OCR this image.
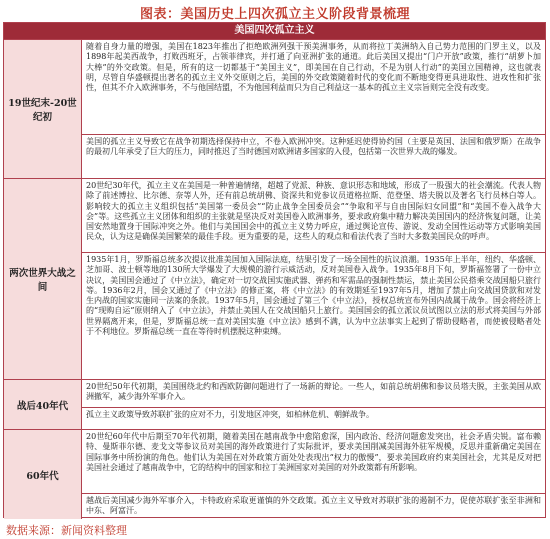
图表：美国历史上四次孤立主义阶段背景梳理
美国四次孤立主义
19世纪末-20世纪初
随着自身力量的增强，美国在1823年推出了拒绝欧洲列强干预美洲事务，从而将拉丁美洲纳入自己势力范围的门罗主义，以及1898年起美西战争，打败西班牙，占领菲律宾，并打通了向亚洲扩张的通道。此后美国又提出“门户开放”政策，推行“胡萝卜加大棒”的外交政策。但是，所有的这一切都基于“美国主义”，即美国在自己行动，不是为别人行动”的美国立国精神，这也就表明，尽管自华盛顿提出著名的孤立主义外交原则之后，美国的外交政策随着时代的变化而不断地变得更具进取性、进攻性和扩张性，但其不介入欧洲事务，不与他国结盟，不为他国利益而只为自己利益这一基本的孤立主义宗旨则完全没有改变。
美国的孤立主义导致它在战争初期选择保持中立，不卷入欧洲冲突。这种延迟使得协约国（主要是英国、法国和俄罗斯）在战争的最初几年承受了巨大的压力，同时推迟了当时德国对欧洲诸多国家的入侵，包括第一次世界大战的爆发。
两次世界大战之间
20世纪30年代，孤立主义在美国是一种普遍情绪，超越了党派、种族、意识形态和地域，形成了一股强大的社会潮流。代表人物除了前述博拉、比尔德、奈等人外，还有前总统胡佛、资深共和党参议员道格拉斯、范登堡、塔夫脱以及著名飞行员林白等人。影响较大的孤立主义组织包括“美国第一委员会”“防止战争全国委员会”“争取和平与自由国际妇女同盟”和“美国不卷入战争大会”等。这些孤立主义团体和组织的主张就是坚决反对美国卷入欧洲事务，要求政府集中精力解决美国国内的经济恢复问题，让美国安然地置身于国际冲突之外。他们与美国国会中的孤立主义势力呼应，通过舆论宣传、游说、发动全国性运动等方式影响美国民众，认为这是确保美国繁荣的最佳手段。更为重要的是，这些人的观点和看法代表了当时大多数美国民众的呼声。
1935年1月，罗斯福总统多次提议批准美国加入国际法庭，结果引发了一场全国性的抗议浪潮。1935年上半年，纽约、华盛顿、芝加哥、波士顿等地的130所大学爆发了大规模的游行示威活动，反对美国卷入战争。1935年8月下旬，罗斯福签署了一份中立决议，美国国会通过了《中立法》，确定对一切交战国实施武器、弹药和军需品的强制性禁运，禁止美国公民搭乘交战国船只旅行等。1936年2月，国会又通过了《中立法》的修正案，将《中立法》的有效期延至1937年5月，增加了禁止向交战国贷款和对发生内战的国家实施同一法案的条款。1937年5月，国会通过了第三个《中立法》，授权总统宣布外国内战属于战争。国会将经济上的“现购自运”原则纳入了《中立法》，并禁止美国人在交战国船只上旅行。美国国会的孤立派议员试图以立法的形式将美国与外部世界隔离开来，但是，罗斯福总统一直对美国实施《中立法》感到不满，认为中立法事实上起到了帮助侵略者，而使被侵略者处于不利地位。罗斯福总统一直在等待时机摆脱这种束缚。
战后40年代
20世纪50年代初期，美国围绕北约和西欧防御问题进行了一场新的辩论。一些人，如前总统胡佛和参议员塔夫脱，主张美国从欧洲撤军，减少海外军事介入。
孤立主义政策导致苏联扩张的应对不力，引发地区冲突，如柏林危机、朝鲜战争。
60年代
20世纪60年代中后期至70年代初期，随着美国在越南战争中愈陷愈深，国内政治、经济问题愈发突出，社会矛盾尖锐。富布赖特、曼斯菲尔德、麦戈文等参议员对美国的海外政策进行了实际批评，要求美国削减美国海外驻军规模，反思并重新确定美国在国际事务中所扮演的角色。他们认为美国在对外政策方面处处表现出“权力的傲慢”，要求美国政府约束美国社会，尤其是反对把美国社会通过了越南战争中，它的结构中的国家和拉丁美洲国家对美国的对外政策都有所影响。
越战后美国减少海外军事介入，卡特政府采取更谨慎的外交政策。孤立主义导致对苏联扩张的遏制不力，促使苏联扩张至非洲和中东、阿富汗。
数据来源：新闻资料整理
